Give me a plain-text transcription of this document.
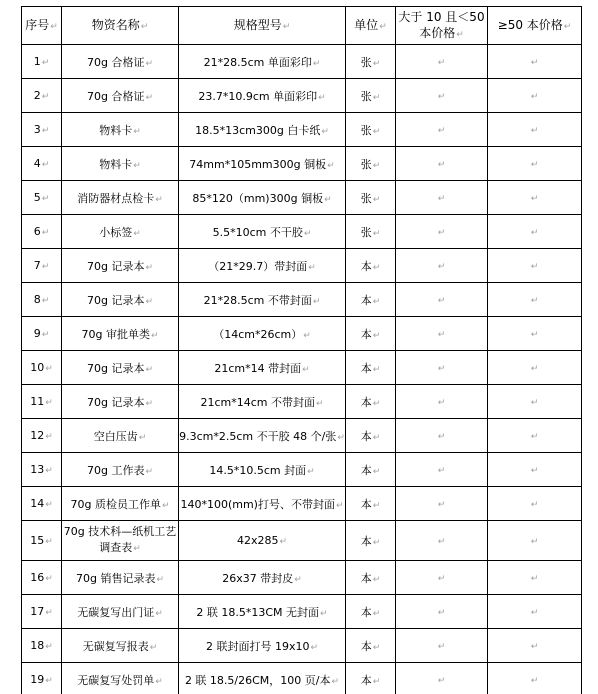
序号↵	物资名称↵	规格型号↵	单位↵	大于 10 且＜50 本价格↵	≥50 本价格↵
1↵	70g 合格证↵	21*28.5cm 单面彩印↵	张↵	↵	↵
2↵	70g 合格证↵	23.7*10.9cm 单面彩印↵	张↵	↵	↵
3↵	物料卡↵	18.5*13cm300g 白卡纸↵	张↵	↵	↵
4↵	物料卡↵	74mm*105mm300g 铜板↵	张↵	↵	↵
5↵	消防器材点检卡↵	85*120（mm)300g 铜板↵	张↵	↵	↵
6↵	小标签↵	5.5*10cm 不干胶↵	张↵	↵	↵
7↵	70g 记录本↵	（21*29.7）带封面↵	本↵	↵	↵
8↵	70g 记录本↵	21*28.5cm 不带封面↵	本↵	↵	↵
9↵	70g 审批单类↵	（14cm*26cm）↵	本↵	↵	↵
10↵	70g 记录本↵	21cm*14 带封面↵	本↵	↵	↵
11↵	70g 记录本↵	21cm*14cm 不带封面↵	本↵	↵	↵
12↵	空白压齿↵	9.3cm*2.5cm 不干胶 48 个/张↵	本↵	↵	↵
13↵	70g 工作表↵	14.5*10.5cm 封面↵	本↵	↵	↵
14↵	70g 质检员工作单↵	140*100(mm)打号、不带封面↵	本↵	↵	↵
15↵	70g 技术科—纸机工艺调查表↵	42x285↵	本↵	↵	↵
16↵	70g 销售记录表↵	26x37 带封皮↵	本↵	↵	↵
17↵	无碳复写出门证↵	2 联 18.5*13CM 无封面↵	本↵	↵	↵
18↵	无碳复写报表↵	2 联封面打号 19x10↵	本↵	↵	↵
19↵	无碳复写处罚单↵	2 联 18.5/26CM，100 页/本↵	本↵	↵	↵
